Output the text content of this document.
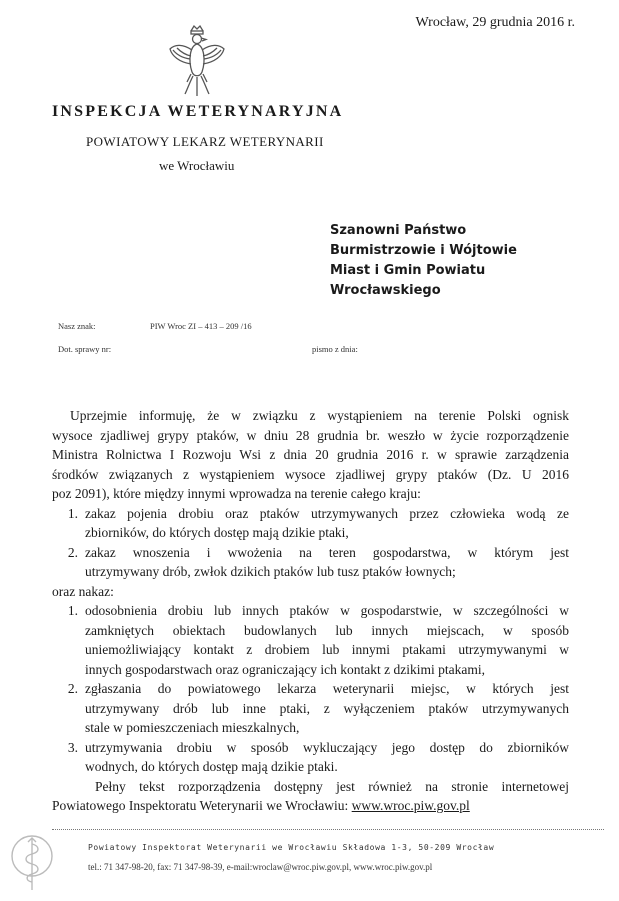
Wrocław, 29 grudnia 2016 r.
INSPEKCJA WETERYNARYJNA
POWIATOWY LEKARZ WETERYNARII
we Wrocławiu
Szanowni Państwo
Burmistrzowie i Wójtowie
Miast i Gmin Powiatu
Wrocławskiego
Nasz znak:	PIW Wroc ZI – 413 – 209 /16
Dot. sprawy nr:	pismo z dnia:

Uprzejmie informuję, że w związku z wystąpieniem na terenie Polski ognisk

wysoce zjadliwej grypy ptaków, w dniu 28 grudnia br. weszło w życie rozporządzenie

Ministra Rolnictwa I Rozwoju Wsi z dnia 20 grudnia 2016 r. w sprawie zarządzenia

środków związanych z wystąpieniem wysoce zjadliwej grypy ptaków (Dz. U 2016

poz 2091), które między innymi wprowadza na terenie całego kraju:

1. zakaz pojenia drobiu oraz ptaków utrzymywanych przez człowieka wodą ze
zbiorników, do których dostęp mają dzikie ptaki,
2. zakaz wnoszenia i wwożenia na teren gospodarstwa, w którym jest
utrzymywany drób, zwłok dzikich ptaków lub tusz ptaków łownych;

oraz nakaz:

1. odosobnienia drobiu lub innych ptaków w gospodarstwie, w szczególności w
zamkniętych obiektach budowlanych lub innych miejscach, w sposób
uniemożliwiający kontakt z drobiem lub innymi ptakami utrzymywanymi w
innych gospodarstwach oraz ograniczający ich kontakt z dzikimi ptakami,
2. zgłaszania do powiatowego lekarza weterynarii miejsc, w których jest
utrzymywany drób lub inne ptaki, z wyłączeniem ptaków utrzymywanych
stale w pomieszczeniach mieszkalnych,
3. utrzymywania drobiu w sposób wykluczający jego dostęp do zbiorników
wodnych, do których dostęp mają dzikie ptaki.

Pełny tekst rozporządzenia dostępny jest również na stronie internetowej

Powiatowego Inspektoratu Weterynarii we Wrocławiu: www.wroc.piw.gov.pl

Powiatowy Inspektorat Weterynarii we Wrocławiu Składowa 1-3, 50-209 Wrocław
tel.: 71 347-98-20, fax: 71 347-98-39, e-mail:wroclaw@wroc.piw.gov.pl, www.wroc.piw.gov.pl
